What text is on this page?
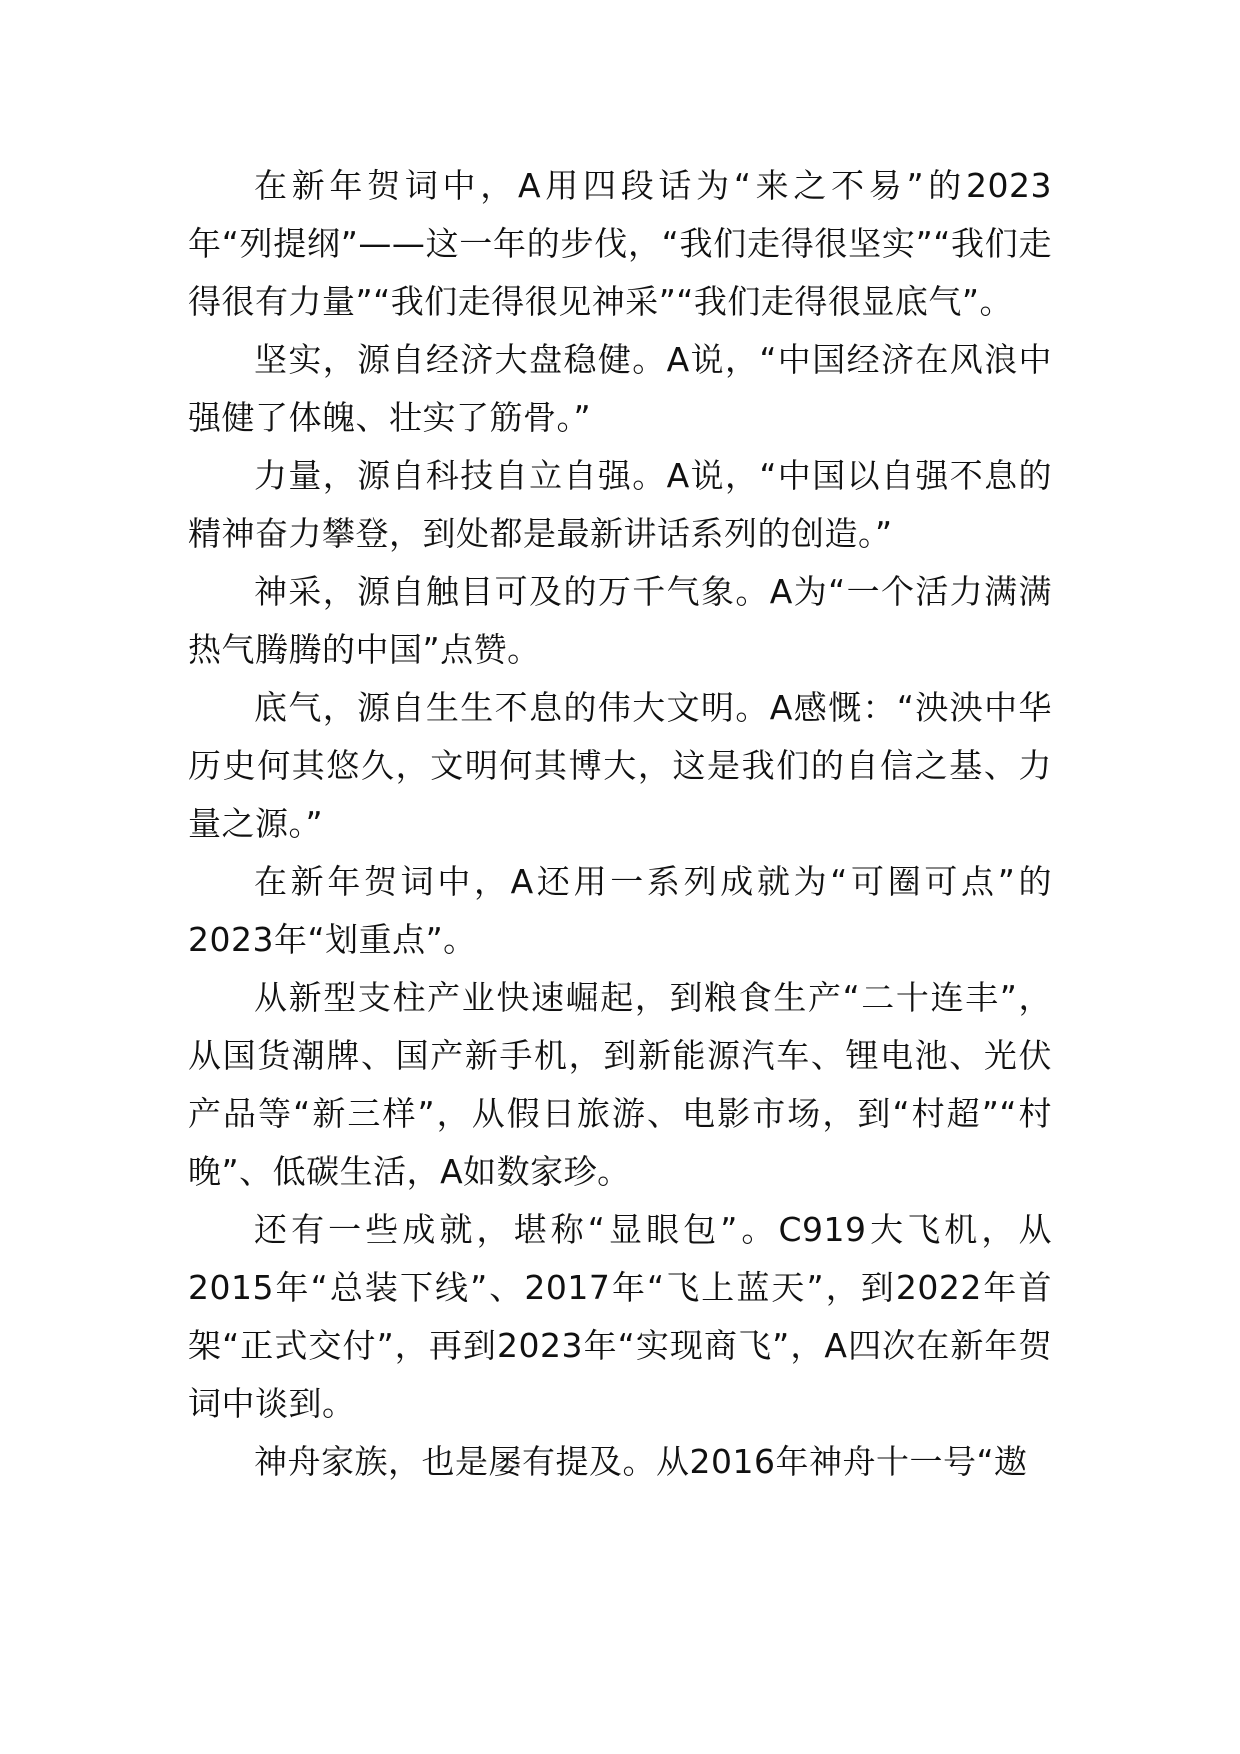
在新年贺词中，A用四段话为“来之不易”的2023年“列提纲”——这一年的步伐，“我们走得很坚实”“我们走得很有力量”“我们走得很见神采”“我们走得很显底气”。

坚实，源自经济大盘稳健。A说，“中国经济在风浪中强健了体魄、壮实了筋骨。”

力量，源自科技自立自强。A说，“中国以自强不息的精神奋力攀登，到处都是最新讲话系列的创造。”

神采，源自触目可及的万千气象。A为“一个活力满满热气腾腾的中国”点赞。

底气，源自生生不息的伟大文明。A感慨：“泱泱中华历史何其悠久，文明何其博大，这是我们的自信之基、力量之源。”

在新年贺词中，A还用一系列成就为“可圈可点”的2023年“划重点”。

从新型支柱产业快速崛起，到粮食生产“二十连丰”，从国货潮牌、国产新手机，到新能源汽车、锂电池、光伏产品等“新三样”，从假日旅游、电影市场，到“村超”“村晚”、低碳生活，A如数家珍。

还有一些成就，堪称“显眼包”。C919大飞机，从2015年“总装下线”、2017年“飞上蓝天”，到2022年首架“正式交付”，再到2023年“实现商飞”，A四次在新年贺词中谈到。

神舟家族，也是屡有提及。从2016年神舟十一号“遨
